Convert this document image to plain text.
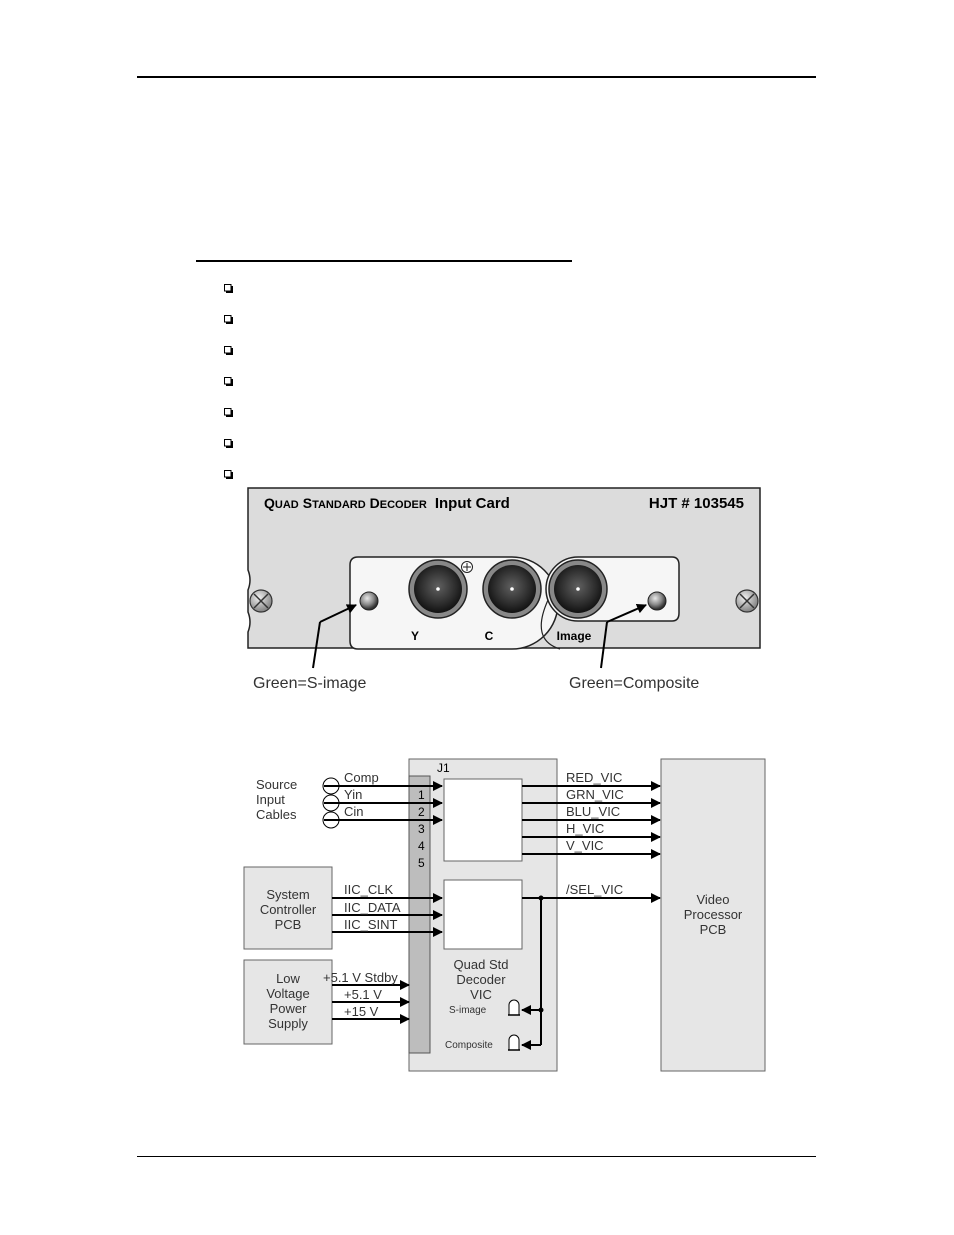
QUAD STANDARD DECODER Input Card	HJT # 103545
Y	C	Image
Green=S-image	Green=Composite
J1
1
2
3
4
5
Quad Std
Decoder
VIC
Source
Input
Cables
Comp
Yin
Cin
RED_VIC
GRN_VIC
BLU_VIC
H_VIC
V_VIC
/SEL_VIC
S-image
Composite
System
Controller
PCB
IIC_CLK
IIC_DATA
IIC_SINT
Low
Voltage
Power
Supply
+5.1 V Stdby
+5.1 V
+15 V
Video
Processor
PCB
